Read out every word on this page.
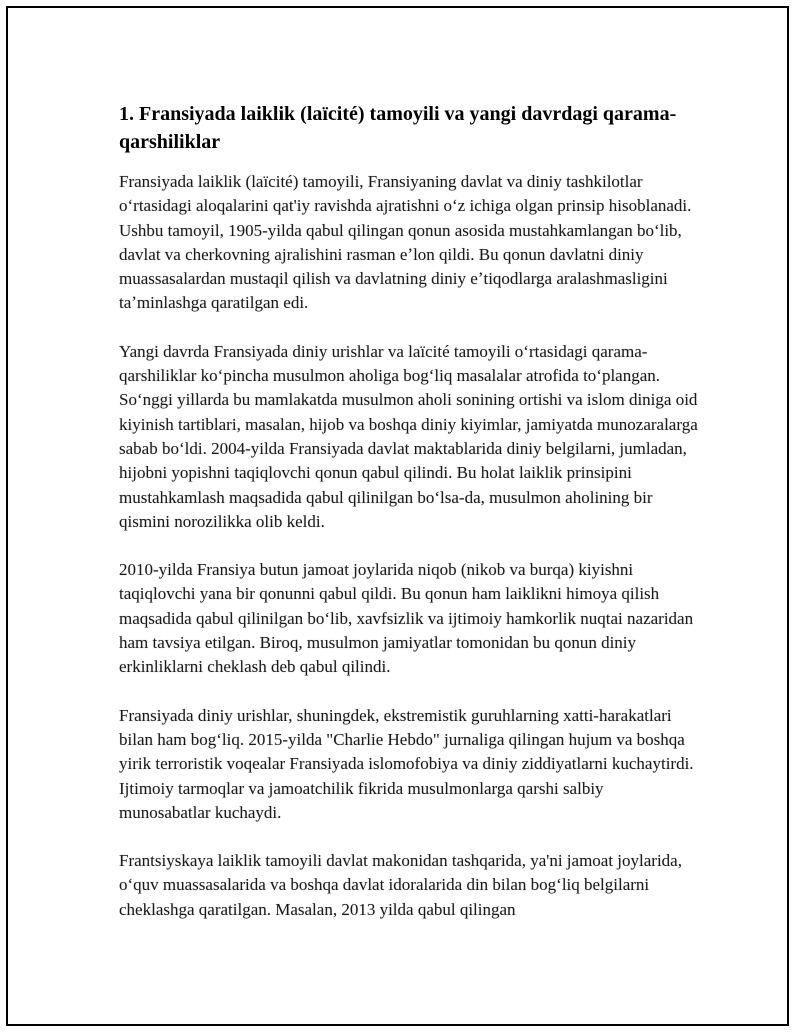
1. Fransiyada laiklik (laïcité) tamoyili va yangi davrdagi qarama-qarshiliklar

Fransiyada laiklik (laïcité) tamoyili, Fransiyaning davlat va diniy tashkilotlar oʻrtasidagi aloqalarini qat'iy ravishda ajratishni oʻz ichiga olgan prinsip hisoblanadi. Ushbu tamoyil, 1905-yilda qabul qilingan qonun asosida mustahkamlangan boʻlib, davlat va cherkovning ajralishini rasman eʼlon qildi. Bu qonun davlatni diniy muassasalardan mustaqil qilish va davlatning diniy eʼtiqodlarga aralashmasligini taʼminlashga qaratilgan edi.

Yangi davrda Fransiyada diniy urishlar va laïcité tamoyili oʻrtasidagi qarama-qarshiliklar koʻpincha musulmon aholiga bogʻliq masalalar atrofida toʻplangan. Soʻnggi yillarda bu mamlakatda musulmon aholi sonining ortishi va islom diniga oid kiyinish tartiblari, masalan, hijob va boshqa diniy kiyimlar, jamiyatda munozaralarga sabab boʻldi. 2004-yilda Fransiyada davlat maktablarida diniy belgilarni, jumladan, hijobni yopishni taqiqlovchi qonun qabul qilindi. Bu holat laiklik prinsipini mustahkamlash maqsadida qabul qilinilgan boʻlsa-da, musulmon aholining bir qismini norozilikka olib keldi.

2010-yilda Fransiya butun jamoat joylarida niqob (nikob va burqa) kiyishni taqiqlovchi yana bir qonunni qabul qildi. Bu qonun ham laiklikni himoya qilish maqsadida qabul qilinilgan boʻlib, xavfsizlik va ijtimoiy hamkorlik nuqtai nazaridan ham tavsiya etilgan. Biroq, musulmon jamiyatlar tomonidan bu qonun diniy erkinliklarni cheklash deb qabul qilindi.

Fransiyada diniy urishlar, shuningdek, ekstremistik guruhlarning xatti-harakatlari bilan ham bogʻliq. 2015-yilda "Charlie Hebdo" jurnaliga qilingan hujum va boshqa yirik terroristik voqealar Fransiyada islomofobiya va diniy ziddiyatlarni kuchaytirdi. Ijtimoiy tarmoqlar va jamoatchilik fikrida musulmonlarga qarshi salbiy munosabatlar kuchaydi.

Frantsiyskaya laiklik tamoyili davlat makonidan tashqarida, ya'ni jamoat joylarida, oʻquv muassasalarida va boshqa davlat idoralarida din bilan bogʻliq belgilarni cheklashga qaratilgan. Masalan, 2013 yilda qabul qilingan
